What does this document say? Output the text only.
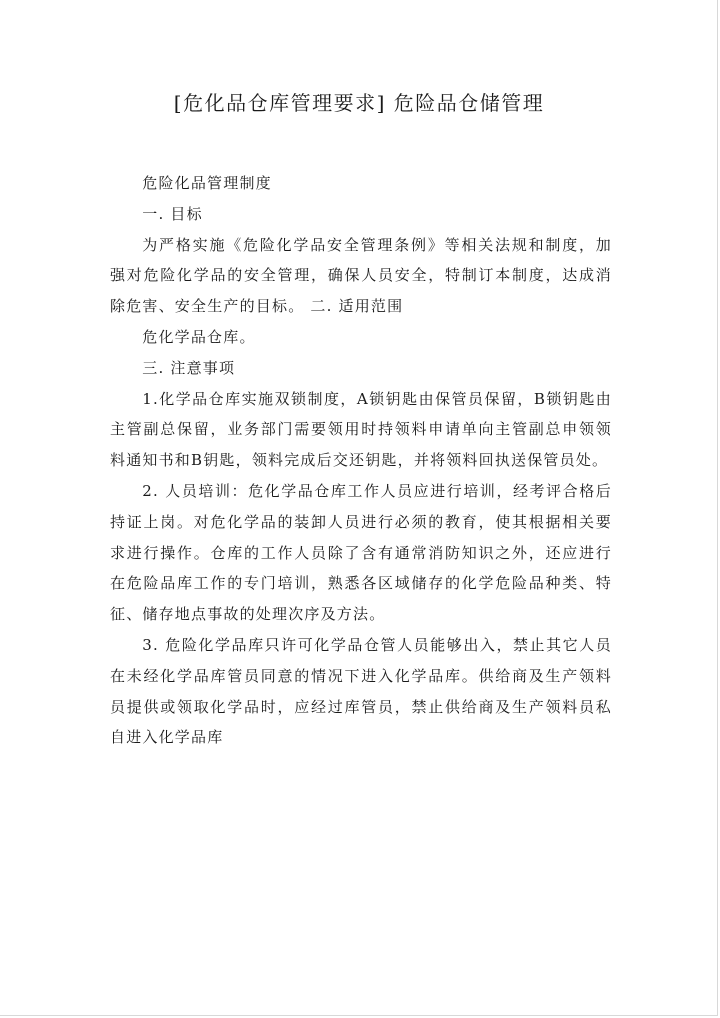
[危化品仓库管理要求] 危险品仓储管理

危险化品管理制度

一. 目标

为严格实施《危险化学品安全管理条例》等相关法规和制度，加强对危险化学品的安全管理，确保人员安全，特制订本制度，达成消除危害、安全生产的目标。 二. 适用范围

危化学品仓库。

三. 注意事项

1.化学品仓库实施双锁制度，A锁钥匙由保管员保留，B锁钥匙由主管副总保留，业务部门需要领用时持领料申请单向主管副总申领领料通知书和B钥匙，领料完成后交还钥匙，并将领料回执送保管员处。

2. 人员培训：危化学品仓库工作人员应进行培训，经考评合格后持证上岗。对危化学品的装卸人员进行必须的教育，使其根据相关要求进行操作。仓库的工作人员除了含有通常消防知识之外，还应进行在危险品库工作的专门培训，熟悉各区域储存的化学危险品种类、特征、储存地点事故的处理次序及方法。

3. 危险化学品库只许可化学品仓管人员能够出入，禁止其它人员在未经化学品库管员同意的情况下进入化学品库。供给商及生产领料员提供或领取化学品时，应经过库管员，禁止供给商及生产领料员私自进入化学品库
